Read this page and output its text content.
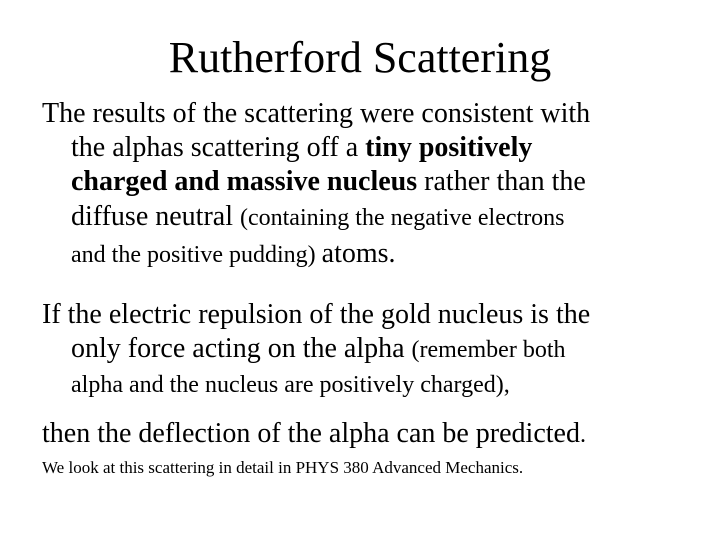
Rutherford Scattering
The results of the scattering were consistent with
the alphas scattering off a tiny positively
charged and massive nucleus rather than the
diffuse neutral (containing the negative electrons
and the positive pudding) atoms.
If the electric repulsion of the gold nucleus is the
only force acting on the alpha (remember both
alpha and the nucleus are positively charged),
then the deflection of the alpha can be predicted.
We look at this scattering in detail in PHYS 380 Advanced Mechanics.
